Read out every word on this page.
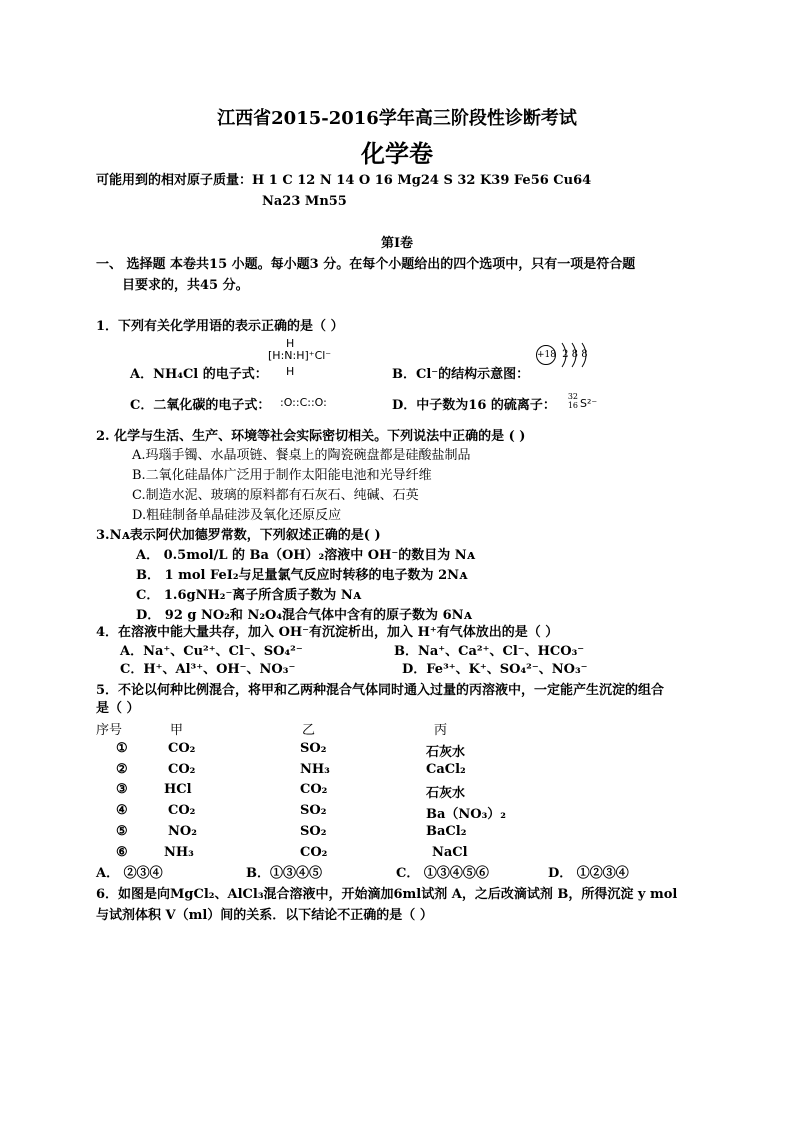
江西省2015-2016学年高三阶段性诊断考试
化学卷
可能用到的相对原子质量：H 1 C 12 N 14 O 16 Mg24 S 32 K39 Fe56 Cu64
Na23 Mn55
第Ⅰ卷
一、 选择题 本卷共15 小题。每小题3 分。在每个小题给出的四个选项中，只有一项是符合题
目要求的，共45 分。
1．下列有关化学用语的表示正确的是（ ）
A．NH₄Cl 的电子式：
H
[H:N:H]⁺Cl⁻
H	B．Cl⁻的结构示意图：
+18 2 8 8
C．二氧化碳的电子式： :O::C::O:	D．中子数为16 的硫离子：
32
16 S²⁻
2. 化学与生活、生产、环境等社会实际密切相关。下列说法中正确的是 ( )
A.玛瑙手镯、水晶项链、餐桌上的陶瓷碗盘都是硅酸盐制品
B.二氧化硅晶体广泛用于制作太阳能电池和光导纤维
C.制造水泥、玻璃的原料都有石灰石、纯碱、石英
D.粗硅制备单晶硅涉及氧化还原反应
3.Nᴀ表示阿伏加德罗常数，下列叙述正确的是( )
A． 0.5mol/L 的 Ba（OH）₂溶液中 OH⁻的数目为 Nᴀ
B． 1 mol FeI₂与足量氯气反应时转移的电子数为 2Nᴀ
C． 1.6gNH₂⁻离子所含质子数为 Nᴀ
D． 92 g NO₂和 N₂O₄混合气体中含有的原子数为 6Nᴀ
4．在溶液中能大量共存，加入 OH⁻有沉淀析出，加入 H⁺有气体放出的是（ ）
A．Na⁺、Cu²⁺、Cl⁻、SO₄²⁻	B．Na⁺、Ca²⁺、Cl⁻、HCO₃⁻
C．H⁺、Al³⁺、OH⁻、NO₃⁻	D．Fe³⁺、K⁺、SO₄²⁻、NO₃⁻
5．不论以何种比例混合，将甲和乙两种混合气体同时通入过量的丙溶液中，一定能产生沉淀的组合
是（ ）
序号	甲	乙	丙
①	CO₂	SO₂	石灰水
②	CO₂	NH₃	CaCl₂
③	HCl	CO₂	石灰水
④	CO₂	SO₂	Ba（NO₃）₂
⑤	NO₂	SO₂	BaCl₂
⑥	NH₃	CO₂	NaCl
A． ②③④	B．①③④⑤	C． ①③④⑤⑥	D． ①②③④
6．如图是向MgCl₂、AlCl₃混合溶液中，开始滴加6ml试剂 A，之后改滴试剂 B，所得沉淀 y mol
与试剂体积 V（ml）间的关系．以下结论不正确的是（ ）
